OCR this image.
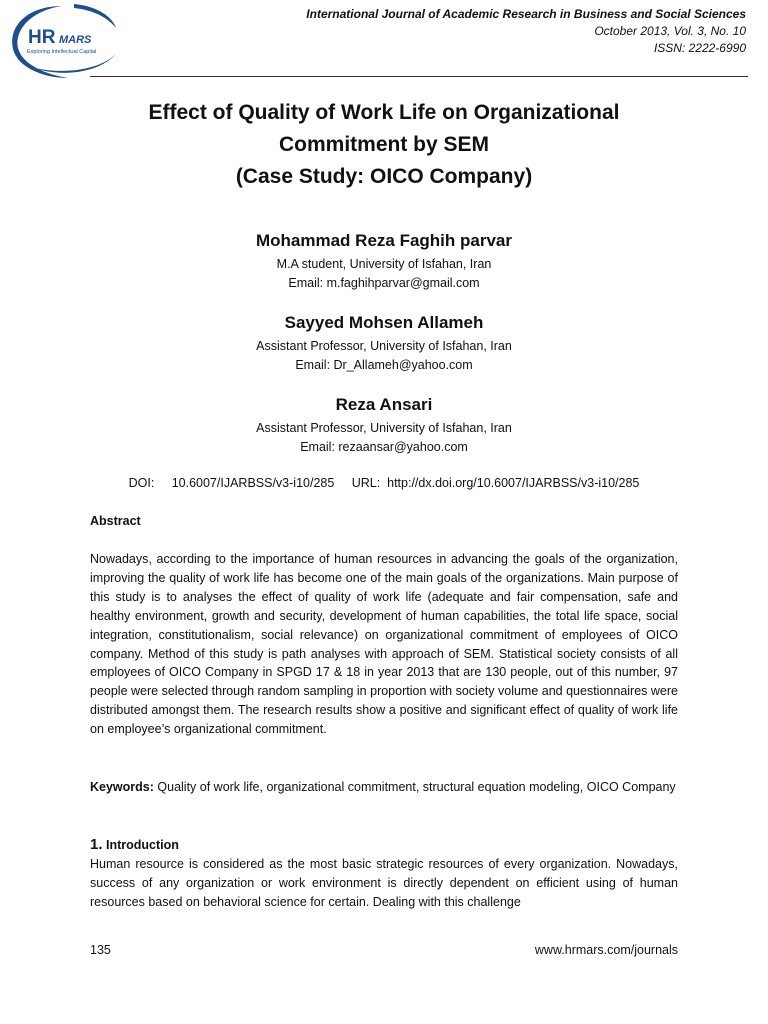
HR MARS
Exploring Intellectual Capital
International Journal of Academic Research in Business and Social Sciences
October 2013, Vol. 3, No. 10
ISSN: 2222-6990
Effect of Quality of Work Life on Organizational
Commitment by SEM
(Case Study: OICO Company)
Mohammad Reza Faghih parvar
M.A student, University of Isfahan, Iran
Email: m.faghihparvar@gmail.com
Sayyed Mohsen Allameh
Assistant Professor, University of Isfahan, Iran
Email: Dr_Allameh@yahoo.com
Reza Ansari
Assistant Professor, University of Isfahan, Iran
Email: rezaansar@yahoo.com
DOI: 10.6007/IJARBSS/v3-i10/285 URL: http://dx.doi.org/10.6007/IJARBSS/v3-i10/285
Abstract
Nowadays, according to the importance of human resources in advancing the goals of the organization, improving the quality of work life has become one of the main goals of the organizations. Main purpose of this study is to analyses the effect of quality of work life (adequate and fair compensation, safe and healthy environment, growth and security, development of human capabilities, the total life space, social integration, constitutionalism, social relevance) on organizational commitment of employees of OICO company. Method of this study is path analyses with approach of SEM. Statistical society consists of all employees of OICO Company in SPGD 17 & 18 in year 2013 that are 130 people, out of this number, 97 people were selected through random sampling in proportion with society volume and questionnaires were distributed amongst them. The research results show a positive and significant effect of quality of work life on employee’s organizational commitment.
Keywords: Quality of work life, organizational commitment, structural equation modeling, OICO Company
1. Introduction
Human resource is considered as the most basic strategic resources of every organization. Nowadays, success of any organization or work environment is directly dependent on efficient using of human resources based on behavioral science for certain. Dealing with this challenge
135	www.hrmars.com/journals
